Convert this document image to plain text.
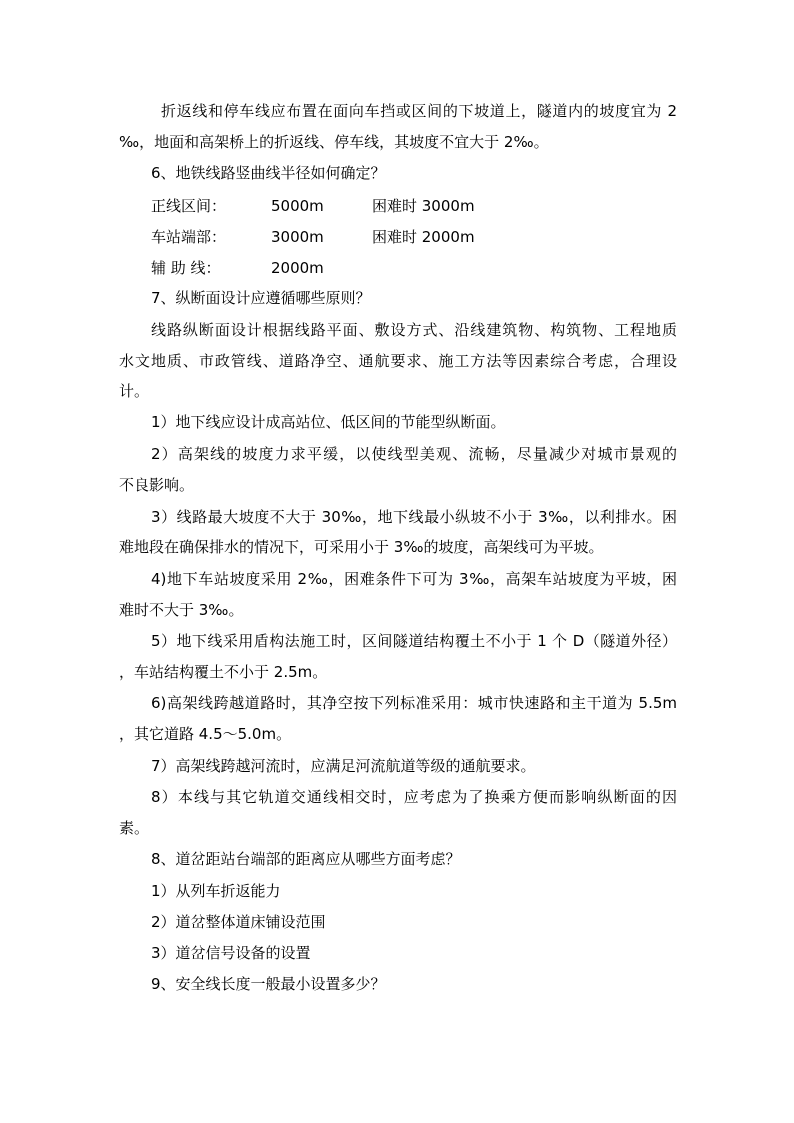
折返线和停车线应布置在面向车挡或区间的下坡道上，隧道内的坡度宜为 2
‰，地面和高架桥上的折返线、停车线，其坡度不宜大于 2‰。
6、地铁线路竖曲线半径如何确定？
正线区间：	5000m	困难时 3000m
车站端部：	3000m	困难时 2000m
辅 助 线：	2000m
7、纵断面设计应遵循哪些原则？
线路纵断面设计根据线路平面、敷设方式、沿线建筑物、构筑物、工程地质
水文地质、市政管线、道路净空、通航要求、施工方法等因素综合考虑，合理设
计。
1）地下线应设计成高站位、低区间的节能型纵断面。
2）高架线的坡度力求平缓，以使线型美观、流畅，尽量减少对城市景观的
不良影响。
3）线路最大坡度不大于 30‰，地下线最小纵坡不小于 3‰，以利排水。困
难地段在确保排水的情况下，可采用小于 3‰的坡度，高架线可为平坡。
4)地下车站坡度采用 2‰，困难条件下可为 3‰，高架车站坡度为平坡，困
难时不大于 3‰。
5）地下线采用盾构法施工时，区间隧道结构覆土不小于 1 个 D（隧道外径）
，车站结构覆土不小于 2.5m。
6)高架线跨越道路时，其净空按下列标准采用：城市快速路和主干道为 5.5m
，其它道路 4.5～5.0m。
7）高架线跨越河流时，应满足河流航道等级的通航要求。
8）本线与其它轨道交通线相交时，应考虑为了换乘方便而影响纵断面的因
素。
8、道岔距站台端部的距离应从哪些方面考虑？
1）从列车折返能力
2）道岔整体道床铺设范围
3）道岔信号设备的设置
9、安全线长度一般最小设置多少？
